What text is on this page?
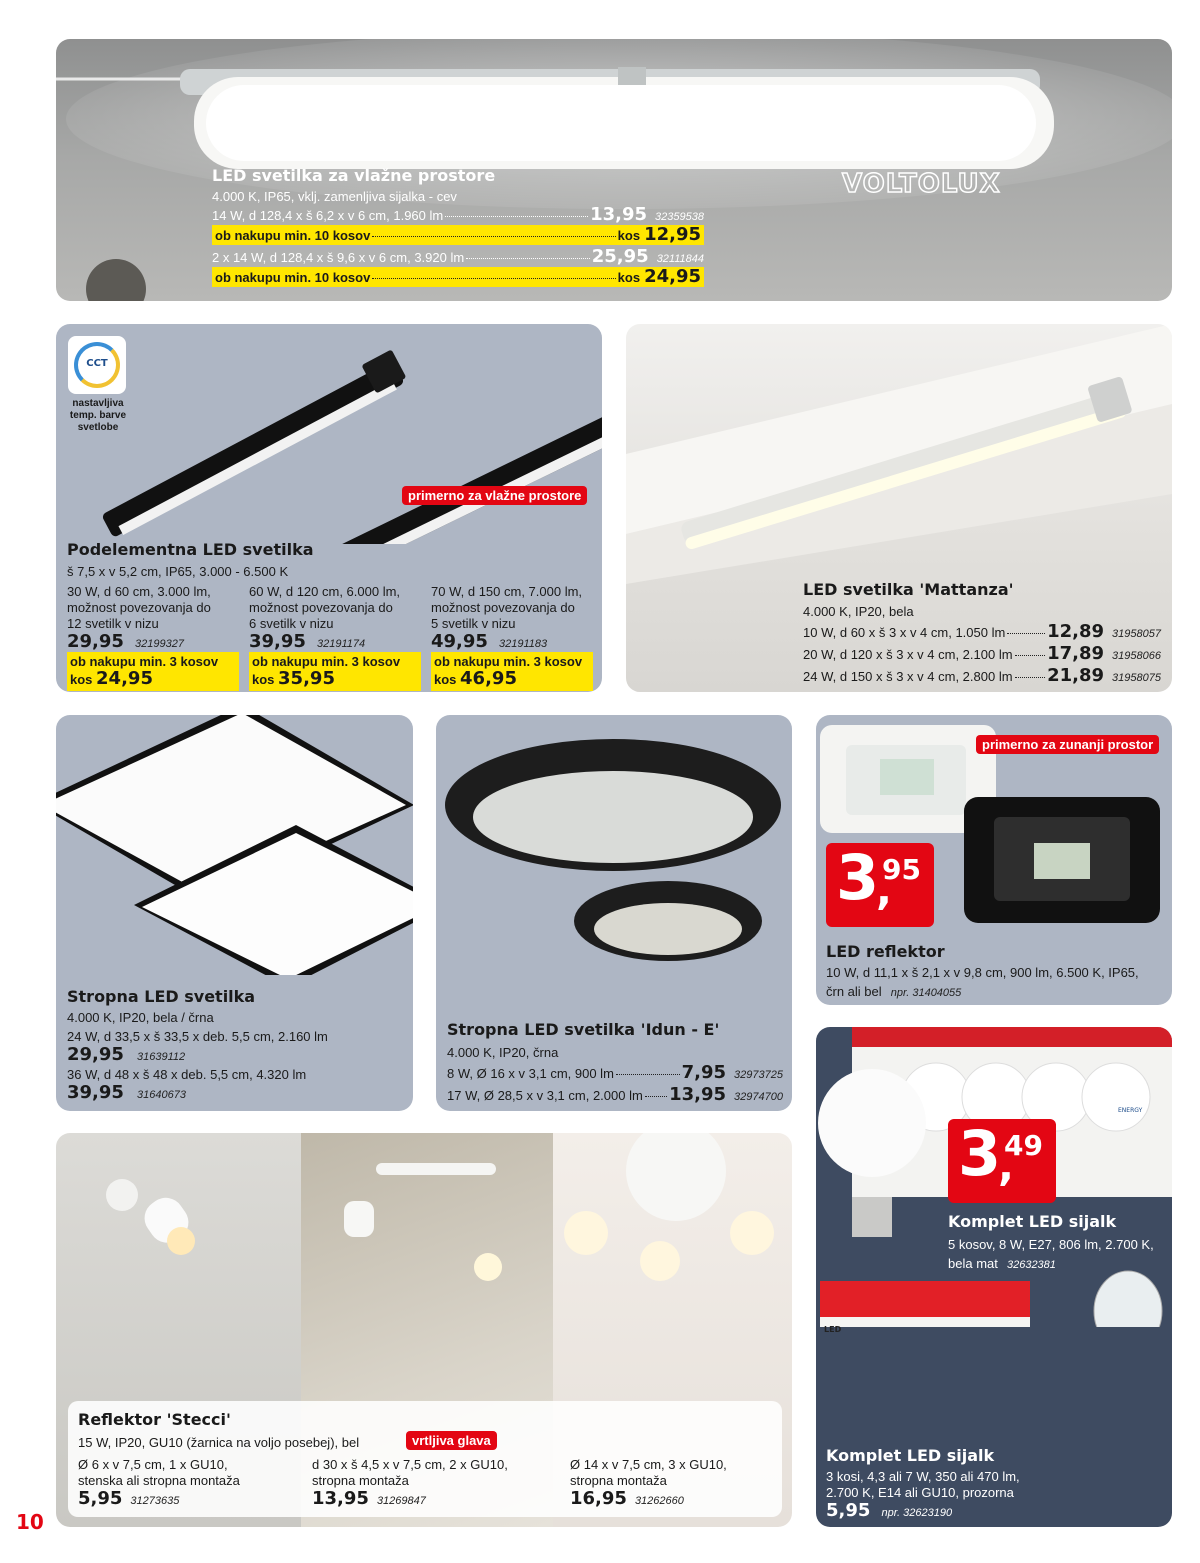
VOLTOLUX
LED svetilka za vlažne prostore
4.000 K, IP65, vklj. zamenljiva sijalka - cev
14 W, d 128,4 x š 6,2 x v 6 cm, 1.960 lm	13,95 32359538
ob nakupu min. 10 kosov	kos 12,95
2 x 14 W, d 128,4 x š 9,6 x v 6 cm, 3.920 lm	25,95 32111844
ob nakupu min. 10 kosov	kos 24,95
CCT
nastavljiva
temp. barve
svetlobe
primerno za vlažne prostore
Podelementna LED svetilka
š 7,5 x v 5,2 cm, IP65, 3.000 - 6.500 K
30 W, d 60 cm, 3.000 lm,
možnost povezovanja do
12 svetilk v nizu
29,95 32199327
ob nakupu min. 3 kosov
kos 24,95
60 W, d 120 cm, 6.000 lm,
možnost povezovanja do
6 svetilk v nizu
39,95 32191174
ob nakupu min. 3 kosov
kos 35,95
70 W, d 150 cm, 7.000 lm,
možnost povezovanja do
5 svetilk v nizu
49,95 32191183
ob nakupu min. 3 kosov
kos 46,95
LED svetilka 'Mattanza'
4.000 K, IP20, bela
10 W, d 60 x š 3 x v 4 cm, 1.050 lm 12,89 31958057
20 W, d 120 x š 3 x v 4 cm, 2.100 lm 17,89 31958066
24 W, d 150 x š 3 x v 4 cm, 2.800 lm 21,89 31958075
Stropna LED svetilka
4.000 K, IP20, bela / črna
24 W, d 33,5 x š 33,5 x deb. 5,5 cm, 2.160 lm
29,95 31639112
36 W, d 48 x š 48 x deb. 5,5 cm, 4.320 lm
39,95 31640673
Stropna LED svetilka 'Idun - E'
4.000 K, IP20, črna
8 W, Ø 16 x v 3,1 cm, 900 lm	7,95 32973725
17 W, Ø 28,5 x v 3,1 cm, 2.000 lm 13,95 32974700
primerno za zunanji prostor
3
,
95
LED reflektor
10 W, d 11,1 x š 2,1 x v 9,8 cm, 900 lm, 6.500 K, IP65,
črn ali bel npr. 31404055
ENERGY
LED
3
,
49
Komplet LED sijalk
5 kosov, 8 W, E27, 806 lm, 2.700 K,
bela mat 32632381
Komplet LED sijalk
3 kosi, 4,3 ali 7 W, 350 ali 470 lm,
2.700 K, E14 ali GU10, prozorna
5,95 npr. 32623190
vrtljiva glava
Reflektor 'Stecci'
15 W, IP20, GU10 (žarnica na voljo posebej), bel
Ø 6 x v 7,5 cm, 1 x GU10,
stenska ali stropna montaža
5,95 31273635
d 30 x š 4,5 x v 7,5 cm, 2 x GU10,
stropna montaža
13,95 31269847
Ø 14 x v 7,5 cm, 3 x GU10,
stropna montaža
16,95 31262660
10
